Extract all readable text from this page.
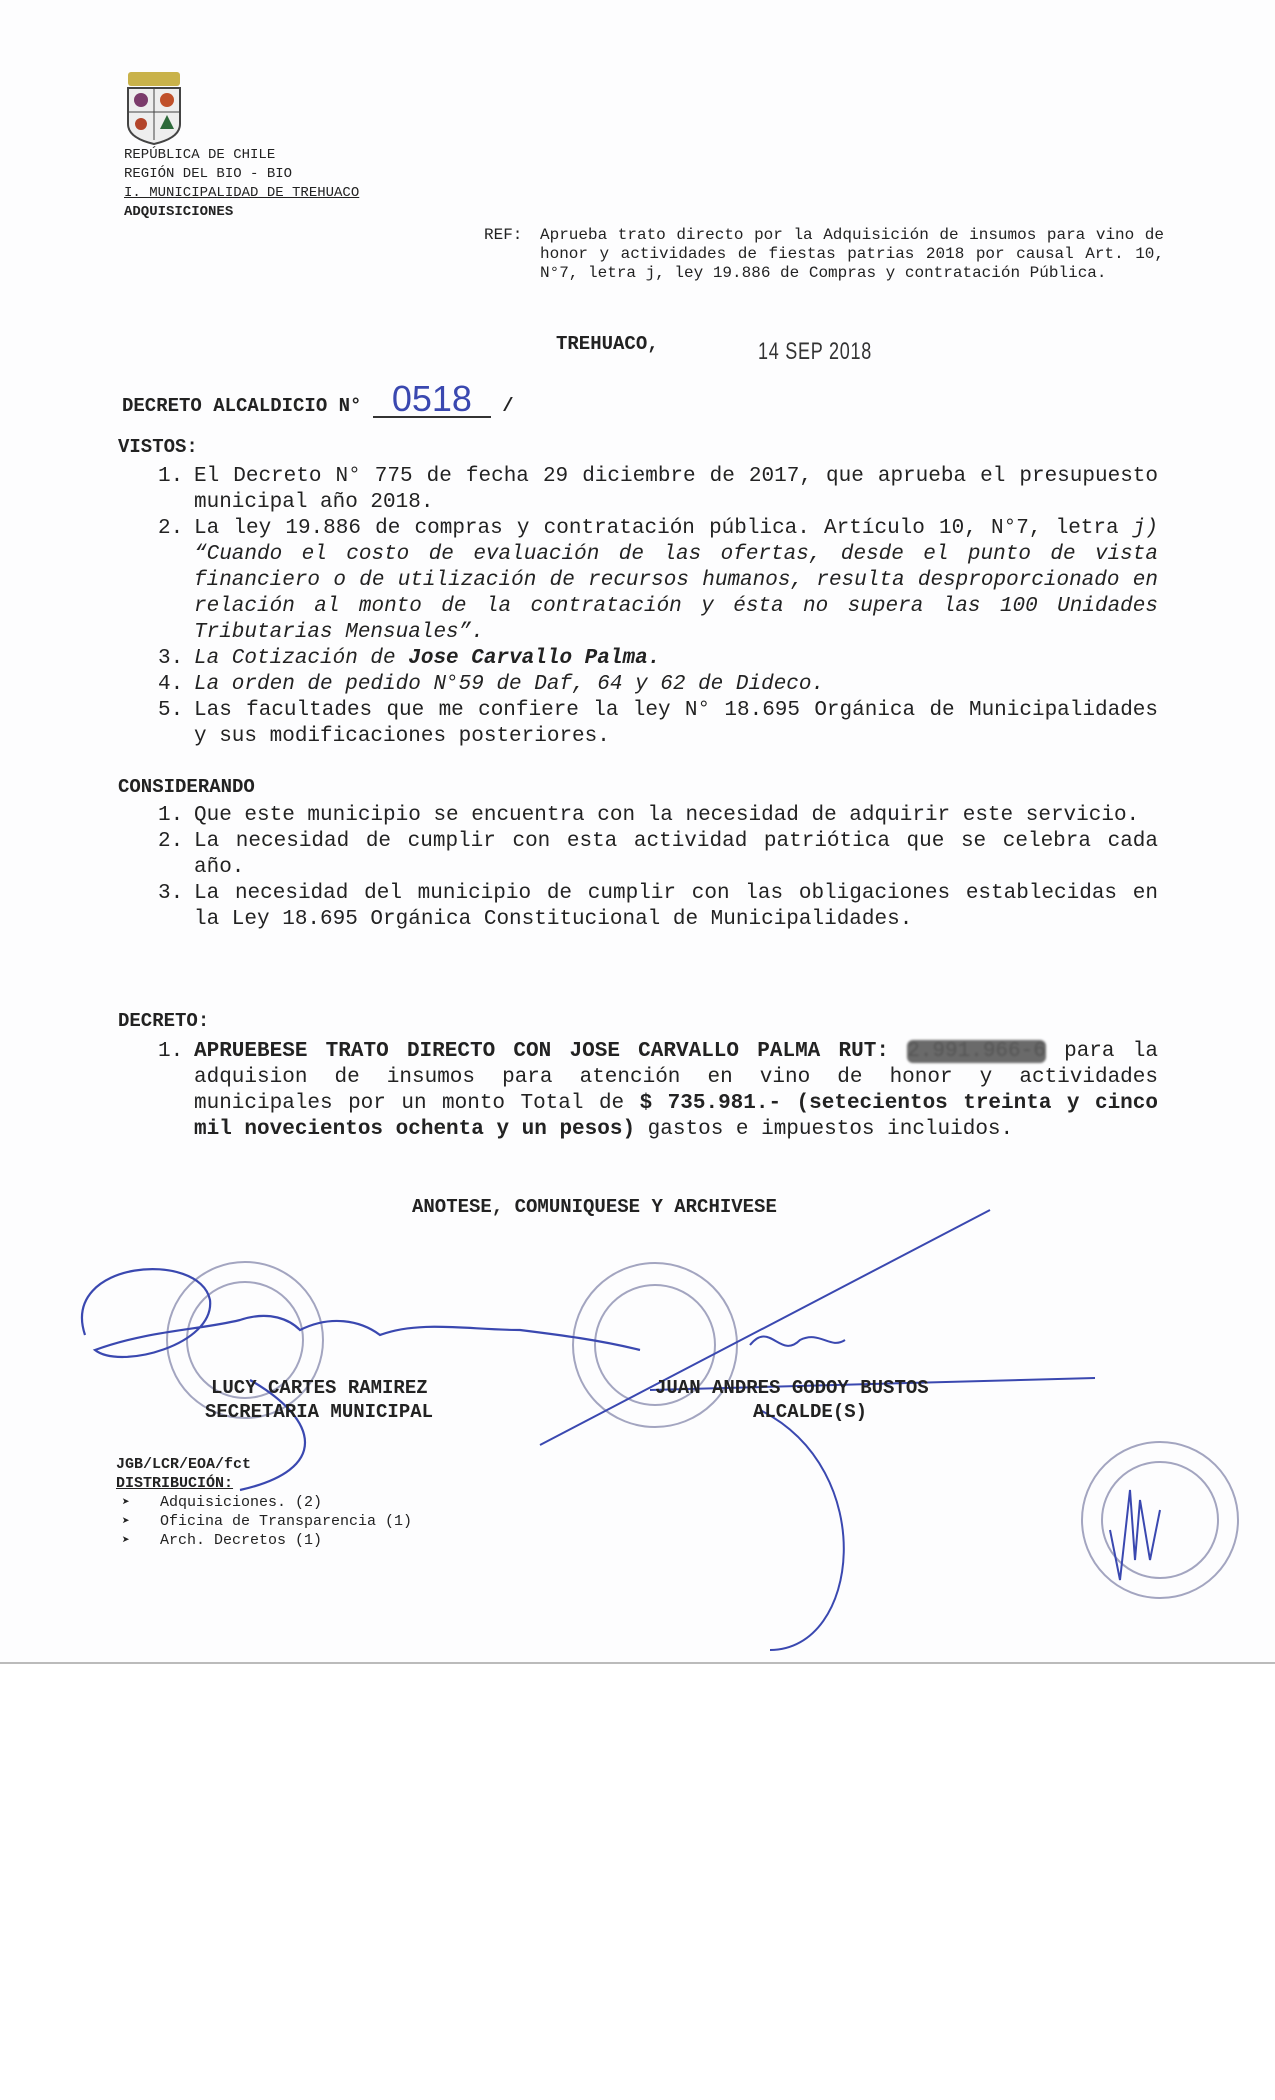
REPÚBLICA DE CHILE
REGIÓN DEL BIO - BIO
I. MUNICIPALIDAD DE TREHUACO
ADQUISICIONES
REF:	Aprueba trato directo por la Adquisición de insumos para vino de honor y actividades de fiestas patrias 2018 por causal Art. 10, N°7, letra j, ley 19.886 de Compras y contratación Pública.
TREHUACO,	14 SEP 2018
DECRETO ALCALDICIO N° 0518 /
VISTOS:
1. El Decreto N° 775 de fecha 29 diciembre de 2017, que aprueba el presupuesto municipal año 2018.
2. La ley 19.886 de compras y contratación pública. Artículo 10, N°7, letra j) “Cuando el costo de evaluación de las ofertas, desde el punto de vista financiero o de utilización de recursos humanos, resulta desproporcionado en relación al monto de la contratación y ésta no supera las 100 Unidades Tributarias Mensuales”.
3. La Cotización de Jose Carvallo Palma.
4. La orden de pedido N°59 de Daf, 64 y 62 de Dideco.
5. Las facultades que me confiere la ley N° 18.695 Orgánica de Municipalidades y sus modificaciones posteriores.
CONSIDERANDO
1. Que este municipio se encuentra con la necesidad de adquirir este servicio.
2. La necesidad de cumplir con esta actividad patriótica que se celebra cada año.
3. La necesidad del municipio de cumplir con las obligaciones establecidas en la Ley 18.695 Orgánica Constitucional de Municipalidades.
DECRETO:
1. APRUEBESE TRATO DIRECTO CON JOSE CARVALLO PALMA RUT: 2.991.966-6 para la adquision de insumos para atención en vino de honor y actividades municipales por un monto Total de $ 735.981.- (setecientos treinta y cinco mil novecientos ochenta y un pesos) gastos e impuestos incluidos.
ANOTESE, COMUNIQUESE Y ARCHIVESE
LUCY CARTES RAMIREZ
SECRETARIA MUNICIPAL
JUAN ANDRES GODOY BUSTOS
ALCALDE(S)
JGB/LCR/EOA/fct
DISTRIBUCIÓN:
➤	Adquisiciones. (2)
➤	Oficina de Transparencia (1)
➤	Arch. Decretos (1)
